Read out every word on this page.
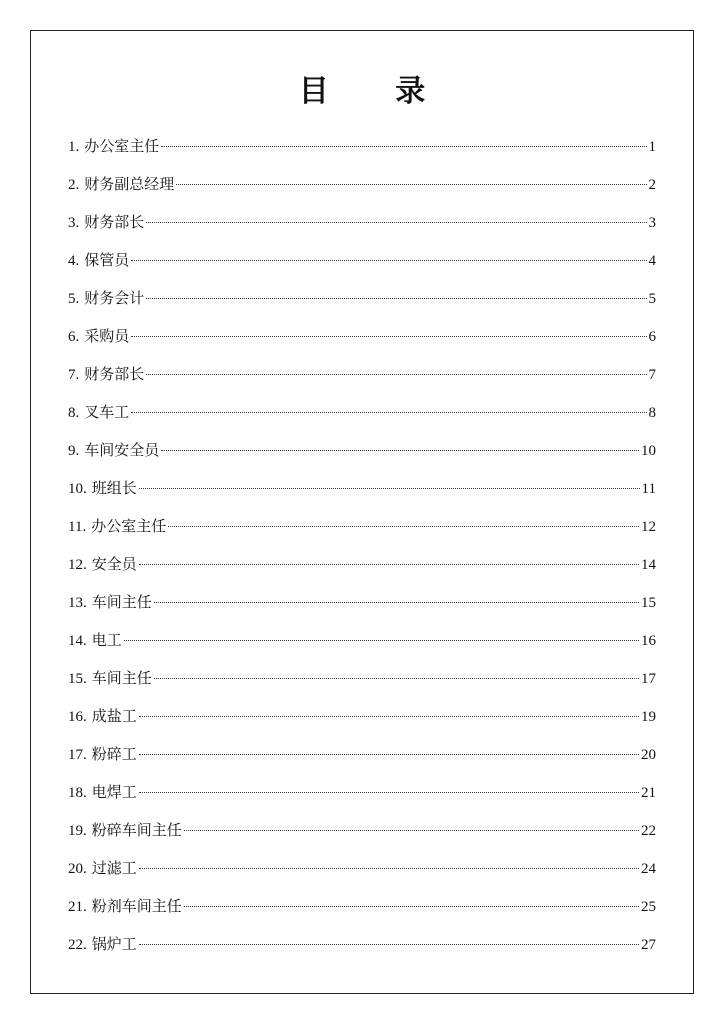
目 录
1. 办公室主任	1
2. 财务副总经理	2
3. 财务部长	3
4. 保管员	4
5. 财务会计	5
6. 采购员	6
7. 财务部长	7
8. 叉车工	8
9. 车间安全员	10
10. 班组长	11
11. 办公室主任	12
12. 安全员	14
13. 车间主任	15
14. 电工	16
15. 车间主任	17
16. 成盐工	19
17. 粉碎工	20
18. 电焊工	21
19. 粉碎车间主任	22
20. 过滤工	24
21. 粉剂车间主任	25
22. 锅炉工	27
